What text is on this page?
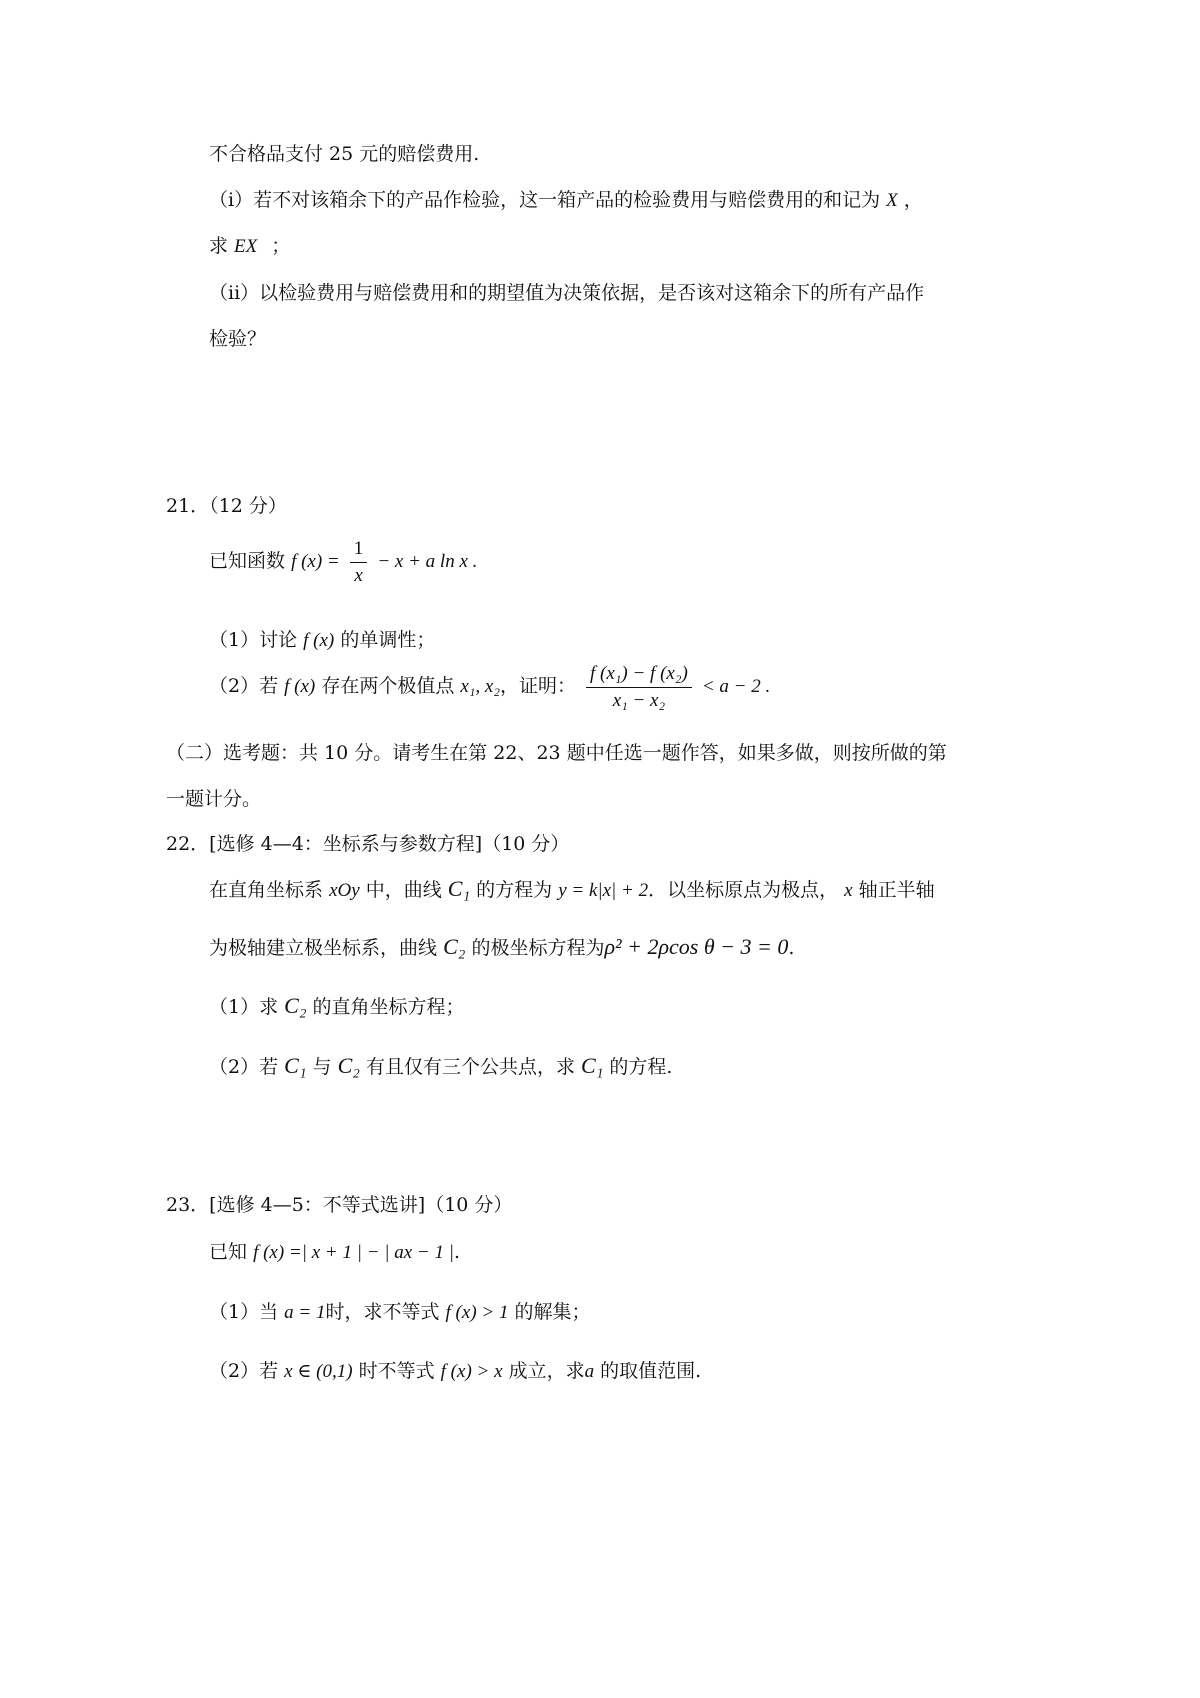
不合格品支付 25 元的赔偿费用.
（i）若不对该箱余下的产品作检验，这一箱产品的检验费用与赔偿费用的和记为 X ，
求 EX ；
（ii）以检验费用与赔偿费用和的期望值为决策依据，是否该对这箱余下的所有产品作
检验？
21．（12 分）
已知函数 f $(x) = \frac{1}{x} - x + a$ ln x .
（1）讨论 f (x) 的单调性；
（2）若 f (x) 存在两个极值点 x₁, x₂，证明： $\frac{\text{f (x₁) − f (x₂)}}{\text{x₁ − x₂}} < a - 2$ .
（二）选考题：共 10 分。请考生在第 22、23 题中任选一题作答，如果多做，则按所做的第
一题计分。
22．[选修 4—4：坐标系与参数方程]（10 分）
在直角坐标系 xOy 中，曲线 C₁ 的方程为 y = k|x| + 2．以坐标原点为极点， x 轴正半轴
为极轴建立极坐标系，曲线 C₂ 的极坐标方程为ρ² + 2ρcos θ − 3 = 0.
（1）求 C₂ 的直角坐标方程；
（2）若 C₁ 与 C₂ 有且仅有三个公共点，求 C₁ 的方程.
23．[选修 4—5：不等式选讲]（10 分）
已知 f (x) =| x + 1 | − | ax − 1 |.
（1）当 a = 1时，求不等式 f (x) > 1 的解集；
（2）若 x ∈ (0,1) 时不等式 f (x) > x 成立，求a 的取值范围.
